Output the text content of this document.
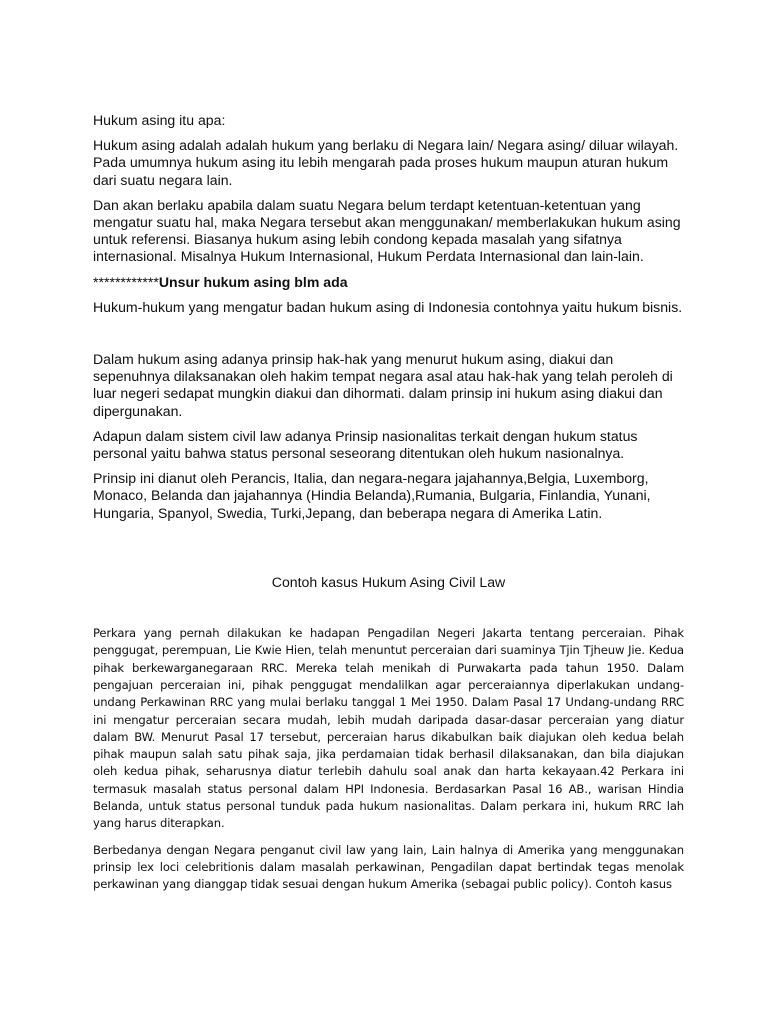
Hukum asing itu apa:

Hukum asing adalah adalah hukum yang berlaku di Negara lain/ Negara asing/ diluar wilayah. Pada umumnya hukum asing itu lebih mengarah pada proses hukum maupun aturan hukum dari suatu negara lain.

Dan akan berlaku apabila dalam suatu Negara belum terdapt ketentuan-ketentuan yang mengatur suatu hal, maka Negara tersebut akan menggunakan/ memberlakukan hukum asing untuk referensi. Biasanya hukum asing lebih condong kepada masalah yang sifatnya internasional. Misalnya Hukum Internasional, Hukum Perdata Internasional dan lain-lain.

************Unsur hukum asing blm ada

Hukum-hukum yang mengatur badan hukum asing di Indonesia contohnya yaitu hukum bisnis.

Dalam hukum asing adanya prinsip hak-hak yang menurut hukum asing, diakui dan sepenuhnya dilaksanakan oleh hakim tempat negara asal atau hak-hak yang telah peroleh di luar negeri sedapat mungkin diakui dan dihormati. dalam prinsip ini hukum asing diakui dan dipergunakan.

Adapun dalam sistem civil law adanya Prinsip nasionalitas terkait dengan hukum status personal yaitu bahwa status personal seseorang ditentukan oleh hukum nasionalnya.

Prinsip ini dianut oleh Perancis, Italia, dan negara-negara jajahannya,Belgia, Luxemborg, Monaco, Belanda dan jajahannya (Hindia Belanda),Rumania, Bulgaria, Finlandia, Yunani, Hungaria, Spanyol, Swedia, Turki,Jepang, dan beberapa negara di Amerika Latin.

Contoh kasus Hukum Asing Civil Law

Perkara yang pernah dilakukan ke hadapan Pengadilan Negeri Jakarta tentang perceraian. Pihak penggugat, perempuan, Lie Kwie Hien, telah menuntut perceraian dari suaminya Tjin Tjheuw Jie. Kedua pihak berkewarganegaraan RRC. Mereka telah menikah di Purwakarta pada tahun 1950. Dalam pengajuan perceraian ini, pihak penggugat mendalilkan agar perceraiannya diperlakukan undang-undang Perkawinan RRC yang mulai berlaku tanggal 1 Mei 1950. Dalam Pasal 17 Undang-undang RRC ini mengatur perceraian secara mudah, lebih mudah daripada dasar-dasar perceraian yang diatur dalam BW. Menurut Pasal 17 tersebut, perceraian harus dikabulkan baik diajukan oleh kedua belah pihak maupun salah satu pihak saja, jika perdamaian tidak berhasil dilaksanakan, dan bila diajukan oleh kedua pihak, seharusnya diatur terlebih dahulu soal anak dan harta kekayaan.42 Perkara ini termasuk masalah status personal dalam HPI Indonesia. Berdasarkan Pasal 16 AB., warisan Hindia Belanda, untuk status personal tunduk pada hukum nasionalitas. Dalam perkara ini, hukum RRC lah yang harus diterapkan.

Berbedanya dengan Negara penganut civil law yang lain, Lain halnya di Amerika yang menggunakan prinsip lex loci celebritionis dalam masalah perkawinan, Pengadilan dapat bertindak tegas menolak perkawinan yang dianggap tidak sesuai dengan hukum Amerika (sebagai public policy). Contoh kasus
